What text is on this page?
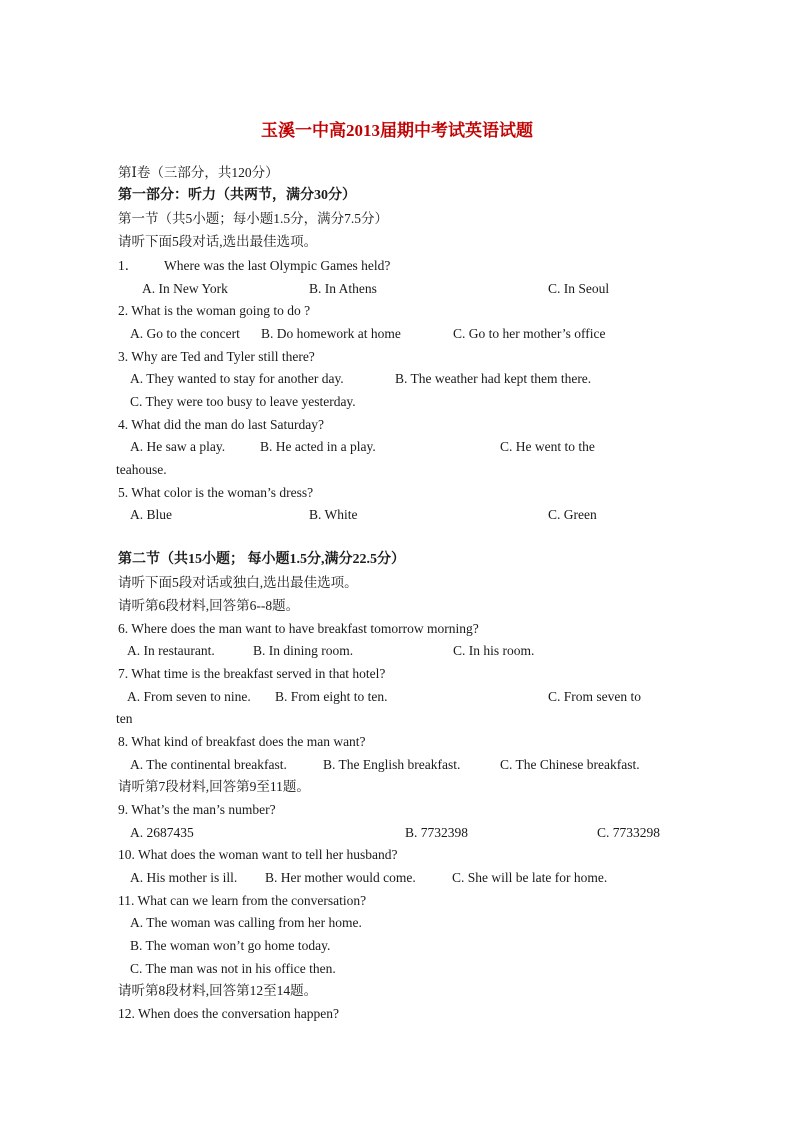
玉溪一中高2013届期中考试英语试题
第Ⅰ卷（三部分，共120分）
第一部分：听力（共两节，满分30分）
第一节（共5小题；每小题1.5分，满分7.5分）
请听下面5段对话,选出最佳选项。
1． Where was the last Olympic Games held?
A. In New York	B. In Athens	C. In Seoul
2. What is the woman going to do ?
A. Go to the concert B. Do homework at home	C. Go to her mother’s office
3. Why are Ted and Tyler still there?
A. They wanted to stay for another day.	B. The weather had kept them there.
C. They were too busy to leave yesterday.
4. What did the man do last Saturday?
A. He saw a play.	B. He acted in a play.	C. He went to the
teahouse.
5. What color is the woman’s dress?
A. Blue	B. White	C. Green
第二节（共15小题； 每小题1.5分,满分22.5分）
请听下面5段对话或独白,选出最佳选项。
请听第6段材料,回答第6--8题。
6. Where does the man want to have breakfast tomorrow morning?
A. In restaurant.	B. In dining room.	C. In his room.
7. What time is the breakfast served in that hotel?
A. From seven to nine. B. From eight to ten.	C. From seven to
ten
8. What kind of breakfast does the man want?
A. The continental breakfast.	B. The English breakfast.	C. The Chinese breakfast.
请听第7段材料,回答第9至11题。
9. What’s the man’s number?
A. 2687435	B. 7732398	C. 7733298
10. What does the woman want to tell her husband?
A. His mother is ill. B. Her mother would come.	C. She will be late for home.
11. What can we learn from the conversation?
A. The woman was calling from her home.
B. The woman won’t go home today.
C. The man was not in his office then.
请听第8段材料,回答第12至14题。
12. When does the conversation happen?
